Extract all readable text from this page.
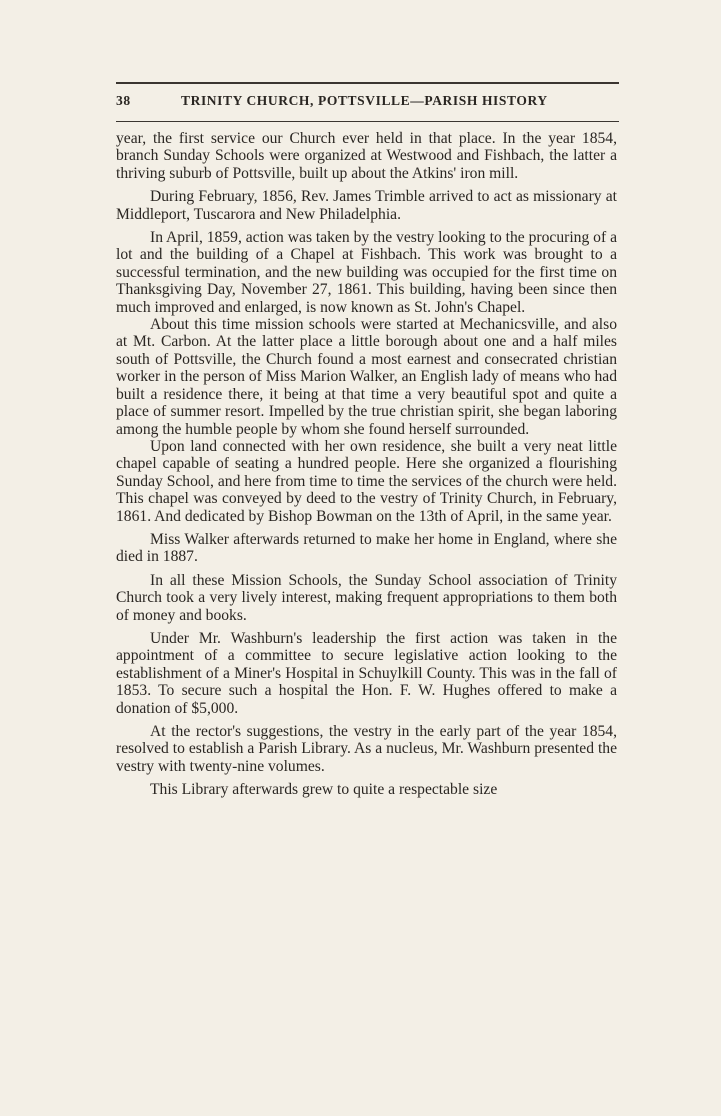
38	TRINITY CHURCH, POTTSVILLE—PARISH HISTORY

year, the first service our Church ever held in that place. In the year 1854, branch Sunday Schools were organized at Westwood and Fishbach, the latter a thriving suburb of Pottsville, built up about the Atkins' iron mill.

During February, 1856, Rev. James Trimble arrived to act as missionary at Middleport, Tuscarora and New Philadelphia.

In April, 1859, action was taken by the vestry looking to the procuring of a lot and the building of a Chapel at Fishbach. This work was brought to a successful termination, and the new building was occupied for the first time on Thanksgiving Day, November 27, 1861. This building, having been since then much improved and enlarged, is now known as St. John's Chapel.

About this time mission schools were started at Mechanicsville, and also at Mt. Carbon. At the latter place a little borough about one and a half miles south of Pottsville, the Church found a most earnest and consecrated christian worker in the person of Miss Marion Walker, an English lady of means who had built a residence there, it being at that time a very beautiful spot and quite a place of summer resort. Impelled by the true christian spirit, she began laboring among the humble people by whom she found herself surrounded.

Upon land connected with her own residence, she built a very neat little chapel capable of seating a hundred people. Here she organized a flourishing Sunday School, and here from time to time the services of the church were held. This chapel was conveyed by deed to the vestry of Trinity Church, in February, 1861. And dedicated by Bishop Bowman on the 13th of April, in the same year.

Miss Walker afterwards returned to make her home in England, where she died in 1887.

In all these Mission Schools, the Sunday School association of Trinity Church took a very lively interest, making frequent appropriations to them both of money and books.

Under Mr. Washburn's leadership the first action was taken in the appointment of a committee to secure legislative action looking to the establishment of a Miner's Hospital in Schuylkill County. This was in the fall of 1853. To secure such a hospital the Hon. F. W. Hughes offered to make a donation of $5,000.

At the rector's suggestions, the vestry in the early part of the year 1854, resolved to establish a Parish Library. As a nucleus, Mr. Washburn presented the vestry with twenty-nine volumes.

This Library afterwards grew to quite a respectable size
